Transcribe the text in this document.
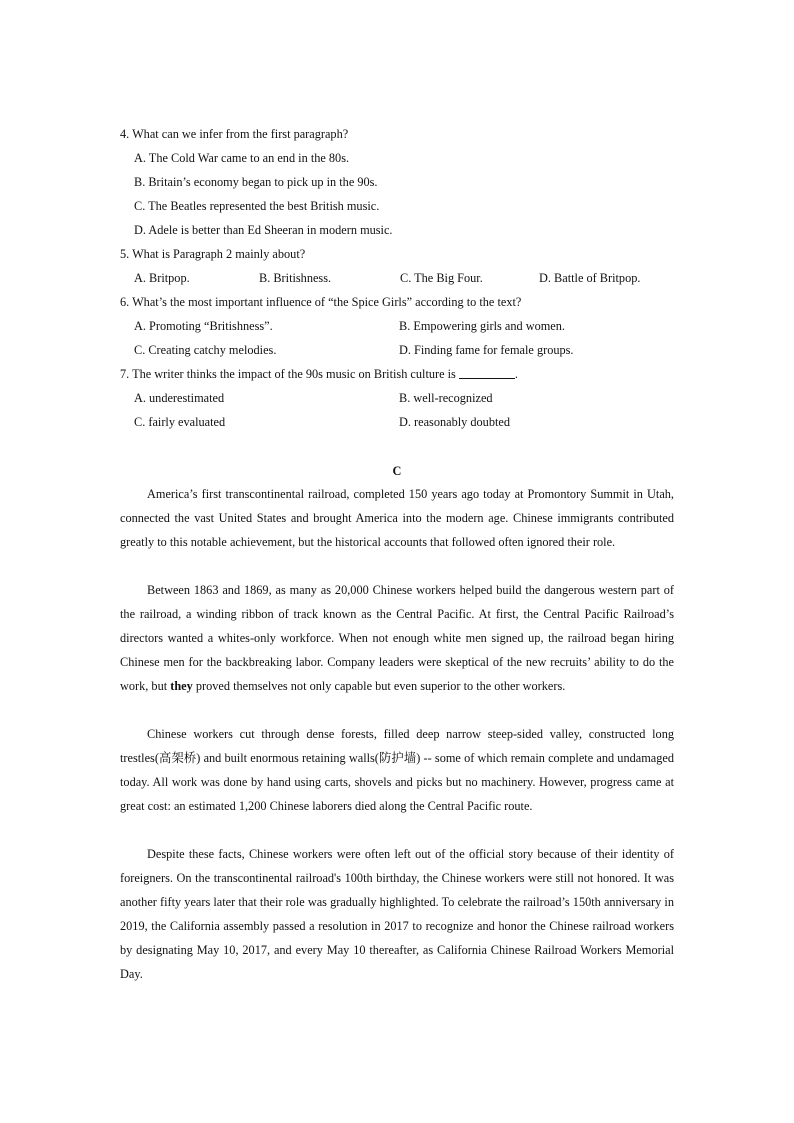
4. What can we infer from the first paragraph?
A. The Cold War came to an end in the 80s.
B. Britain’s economy began to pick up in the 90s.
C. The Beatles represented the best British music.
D. Adele is better than Ed Sheeran in modern music.
5. What is Paragraph 2 mainly about?
A. Britpop.	B. Britishness.	C. The Big Four.	D. Battle of Britpop.
6. What’s the most important influence of “the Spice Girls” according to the text?
A. Promoting “Britishness”.	B. Empowering girls and women.
C. Creating catchy melodies.	D. Finding fame for female groups.
7. The writer thinks the impact of the 90s music on British culture is	.
A. underestimated	B. well-recognized
C. fairly evaluated	D. reasonably doubted
C

America’s first transcontinental railroad, completed 150 years ago today at Promontory Summit in Utah, connected the vast United States and brought America into the modern age. Chinese immigrants contributed greatly to this notable achievement, but the historical accounts that followed often ignored their role.

Between 1863 and 1869, as many as 20,000 Chinese workers helped build the dangerous western part of the railroad, a winding ribbon of track known as the Central Pacific. At first, the Central Pacific Railroad’s directors wanted a whites-only workforce. When not enough white men signed up, the railroad began hiring Chinese men for the backbreaking labor. Company leaders were skeptical of the new recruits’ ability to do the work, but they proved themselves not only capable but even superior to the other workers.

Chinese workers cut through dense forests, filled deep narrow steep-sided valley, constructed long trestles(高架桥) and built enormous retaining walls(防护墙) -- some of which remain complete and undamaged today. All work was done by hand using carts, shovels and picks but no machinery. However, progress came at great cost: an estimated 1,200 Chinese laborers died along the Central Pacific route.

Despite these facts, Chinese workers were often left out of the official story because of their identity of foreigners. On the transcontinental railroad's 100th birthday, the Chinese workers were still not honored. It was another fifty years later that their role was gradually highlighted. To celebrate the railroad’s 150th anniversary in 2019, the California assembly passed a resolution in 2017 to recognize and honor the Chinese railroad workers by designating May 10, 2017, and every May 10 thereafter, as California Chinese Railroad Workers Memorial Day.
